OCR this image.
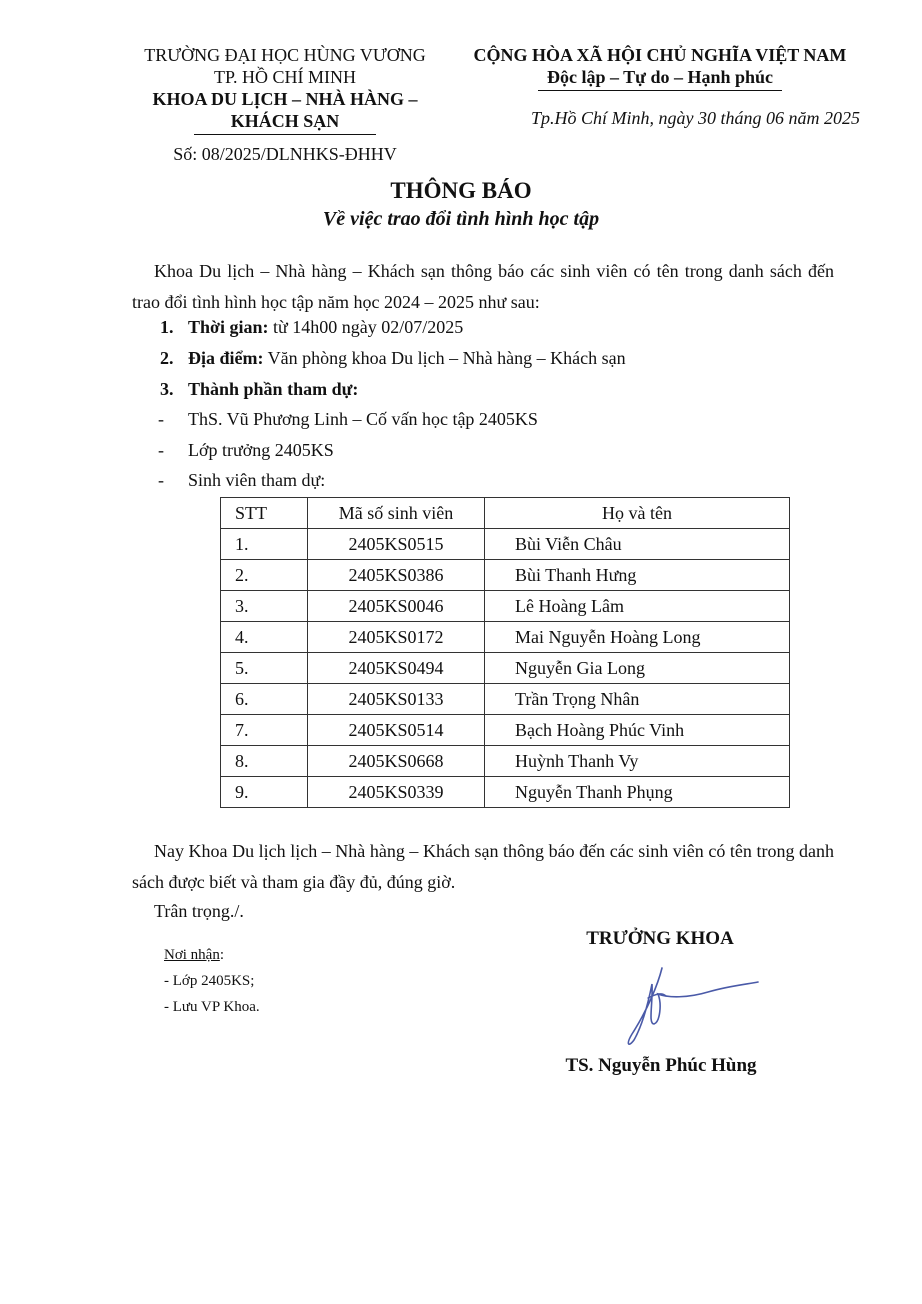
TRƯỜNG ĐẠI HỌC HÙNG VƯƠNG
TP. HỒ CHÍ MINH
KHOA DU LỊCH – NHÀ HÀNG –
KHÁCH SẠN
Số: 08/2025/DLNHKS-ĐHHV
CỘNG HÒA XÃ HỘI CHỦ NGHĨA VIỆT NAM
Độc lập – Tự do – Hạnh phúc
Tp.Hồ Chí Minh, ngày 30 tháng 06 năm 2025
THÔNG BÁO
Về việc trao đổi tình hình học tập
Khoa Du lịch – Nhà hàng – Khách sạn thông báo các sinh viên có tên trong danh sách đến trao đổi tình hình học tập năm học 2024 – 2025 như sau:
1. Thời gian: từ 14h00 ngày 02/07/2025
2. Địa điểm: Văn phòng khoa Du lịch – Nhà hàng – Khách sạn
3. Thành phần tham dự:
- ThS. Vũ Phương Linh – Cố vấn học tập 2405KS
- Lớp trưởng 2405KS
- Sinh viên tham dự:
STT	Mã số sinh viên	Họ và tên
1.	2405KS0515	Bùi Viễn Châu
2.	2405KS0386	Bùi Thanh Hưng
3.	2405KS0046	Lê Hoàng Lâm
4.	2405KS0172	Mai Nguyễn Hoàng Long
5.	2405KS0494	Nguyễn Gia Long
6.	2405KS0133	Trần Trọng Nhân
7.	2405KS0514	Bạch Hoàng Phúc Vinh
8.	2405KS0668	Huỳnh Thanh Vy
9.	2405KS0339	Nguyễn Thanh Phụng
Nay Khoa Du lịch lịch – Nhà hàng – Khách sạn thông báo đến các sinh viên có tên trong danh sách được biết và tham gia đầy đủ, đúng giờ.
Trân trọng./.
Nơi nhận:
- Lớp 2405KS;
- Lưu VP Khoa.
TRƯỞNG KHOA
TS. Nguyễn Phúc Hùng
